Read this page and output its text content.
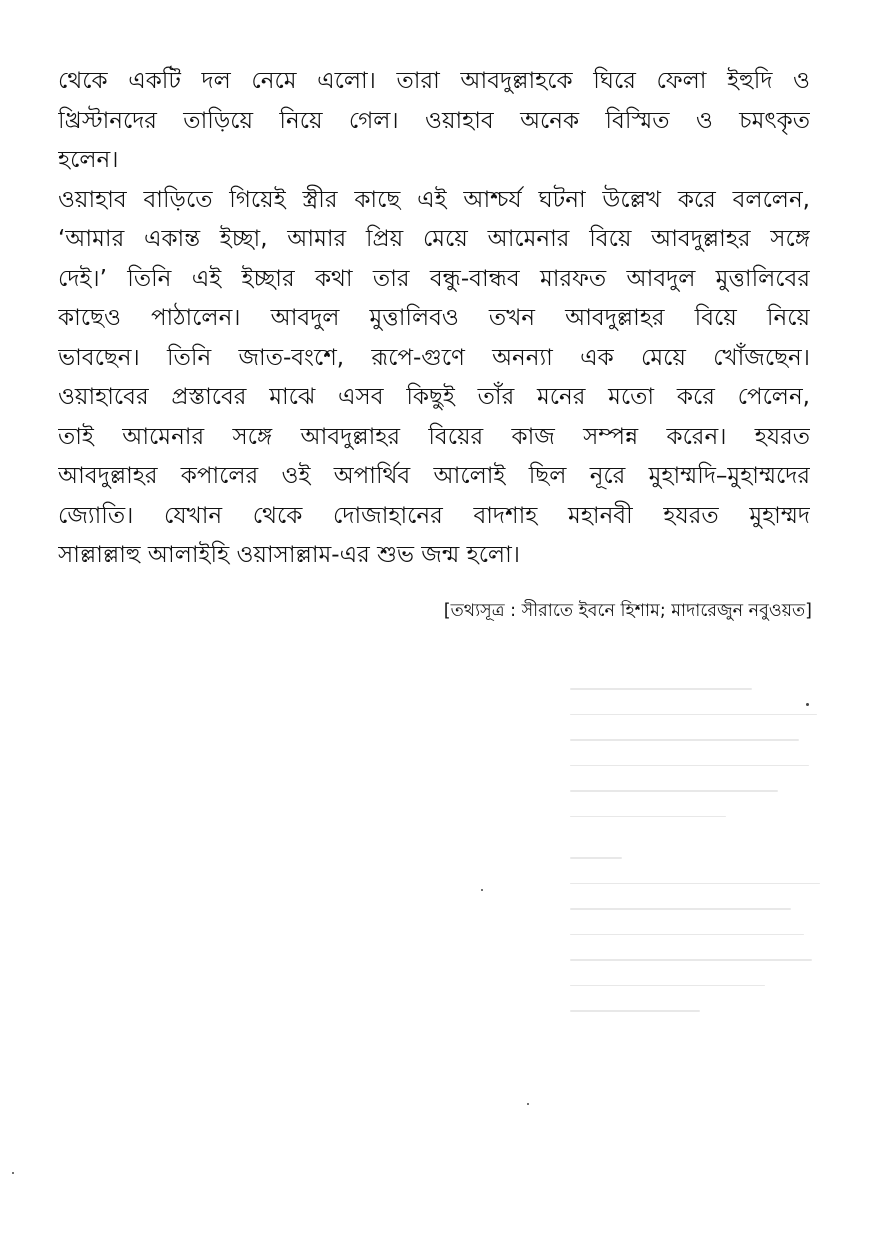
থেকে একটি দল নেমে এলো। তারা আবদুল্লাহকে ঘিরে ফেলা ইহুদি ও
খ্রিস্টানদের তাড়িয়ে নিয়ে গেল। ওয়াহাব অনেক বিস্মিত ও চমৎকৃত
হলেন।
ওয়াহাব বাড়িতে গিয়েই স্ত্রীর কাছে এই আশ্চর্য ঘটনা উল্লেখ করে বললেন,
‘আমার একান্ত ইচ্ছা, আমার প্রিয় মেয়ে আমেনার বিয়ে আবদুল্লাহর সঙ্গে
দেই।’ তিনি এই ইচ্ছার কথা তার বন্ধু-বান্ধব মারফত আবদুল মুত্তালিবের
কাছেও পাঠালেন। আবদুল মুত্তালিবও তখন আবদুল্লাহর বিয়ে নিয়ে
ভাবছেন। তিনি জাত-বংশে, রূপে-গুণে অনন্যা এক মেয়ে খোঁজছেন।
ওয়াহাবের প্রস্তাবের মাঝে এসব কিছুই তাঁর মনের মতো করে পেলেন,
তাই আমেনার সঙ্গে আবদুল্লাহর বিয়ের কাজ সম্পন্ন করেন। হযরত
আবদুল্লাহর কপালের ওই অপার্থিব আলোই ছিল নূরে মুহাম্মদি–মুহাম্মদের
জ্যোতি। যেখান থেকে দোজাহানের বাদশাহ মহানবী হযরত মুহাম্মদ
সাল্লাল্লাহু আলাইহি ওয়াসাল্লাম-এর শুভ জন্ম হলো।
[তথ্যসূত্র : সীরাতে ইবনে হিশাম; মাদারেজুন নবুওয়ত]
